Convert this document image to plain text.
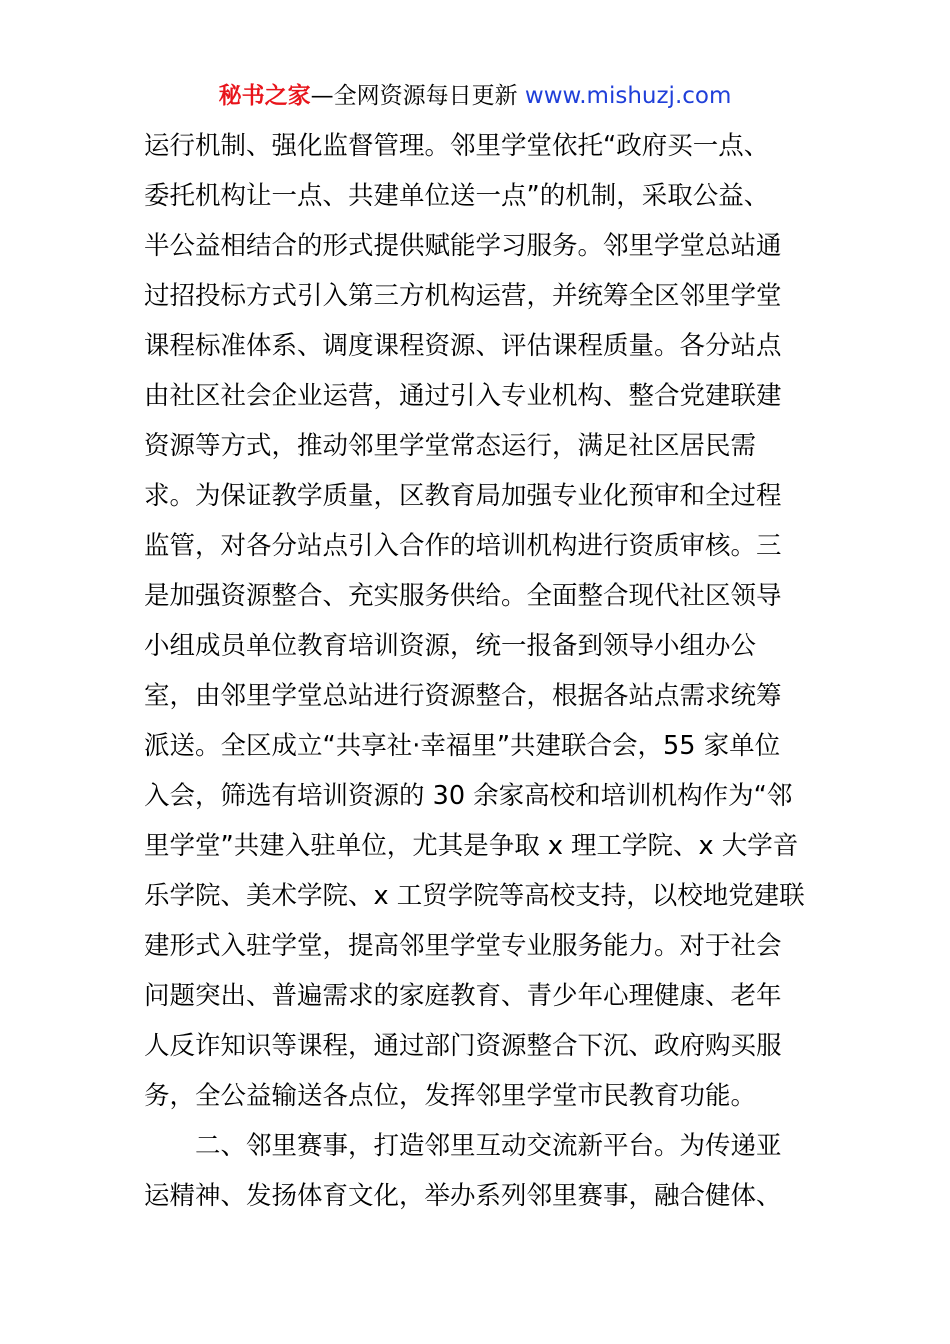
秘书之家—全网资源每日更新 www.mishuzj.com
运行机制、强化监督管理。邻里学堂依托“政府买一点、
委托机构让一点、共建单位送一点”的机制，采取公益、
半公益相结合的形式提供赋能学习服务。邻里学堂总站通
过招投标方式引入第三方机构运营，并统筹全区邻里学堂
课程标准体系、调度课程资源、评估课程质量。各分站点
由社区社会企业运营，通过引入专业机构、整合党建联建
资源等方式，推动邻里学堂常态运行，满足社区居民需
求。为保证教学质量，区教育局加强专业化预审和全过程
监管，对各分站点引入合作的培训机构进行资质审核。三
是加强资源整合、充实服务供给。全面整合现代社区领导
小组成员单位教育培训资源，统一报备到领导小组办公
室，由邻里学堂总站进行资源整合，根据各站点需求统筹
派送。全区成立“共享社·幸福里”共建联合会，55 家单位
入会，筛选有培训资源的 30 余家高校和培训机构作为“邻
里学堂”共建入驻单位，尤其是争取 x 理工学院、x 大学音
乐学院、美术学院、x 工贸学院等高校支持，以校地党建联
建形式入驻学堂，提高邻里学堂专业服务能力。对于社会
问题突出、普遍需求的家庭教育、青少年心理健康、老年
人反诈知识等课程，通过部门资源整合下沉、政府购买服
务，全公益输送各点位，发挥邻里学堂市民教育功能。
二、邻里赛事，打造邻里互动交流新平台。为传递亚
运精神、发扬体育文化，举办系列邻里赛事，融合健体、
